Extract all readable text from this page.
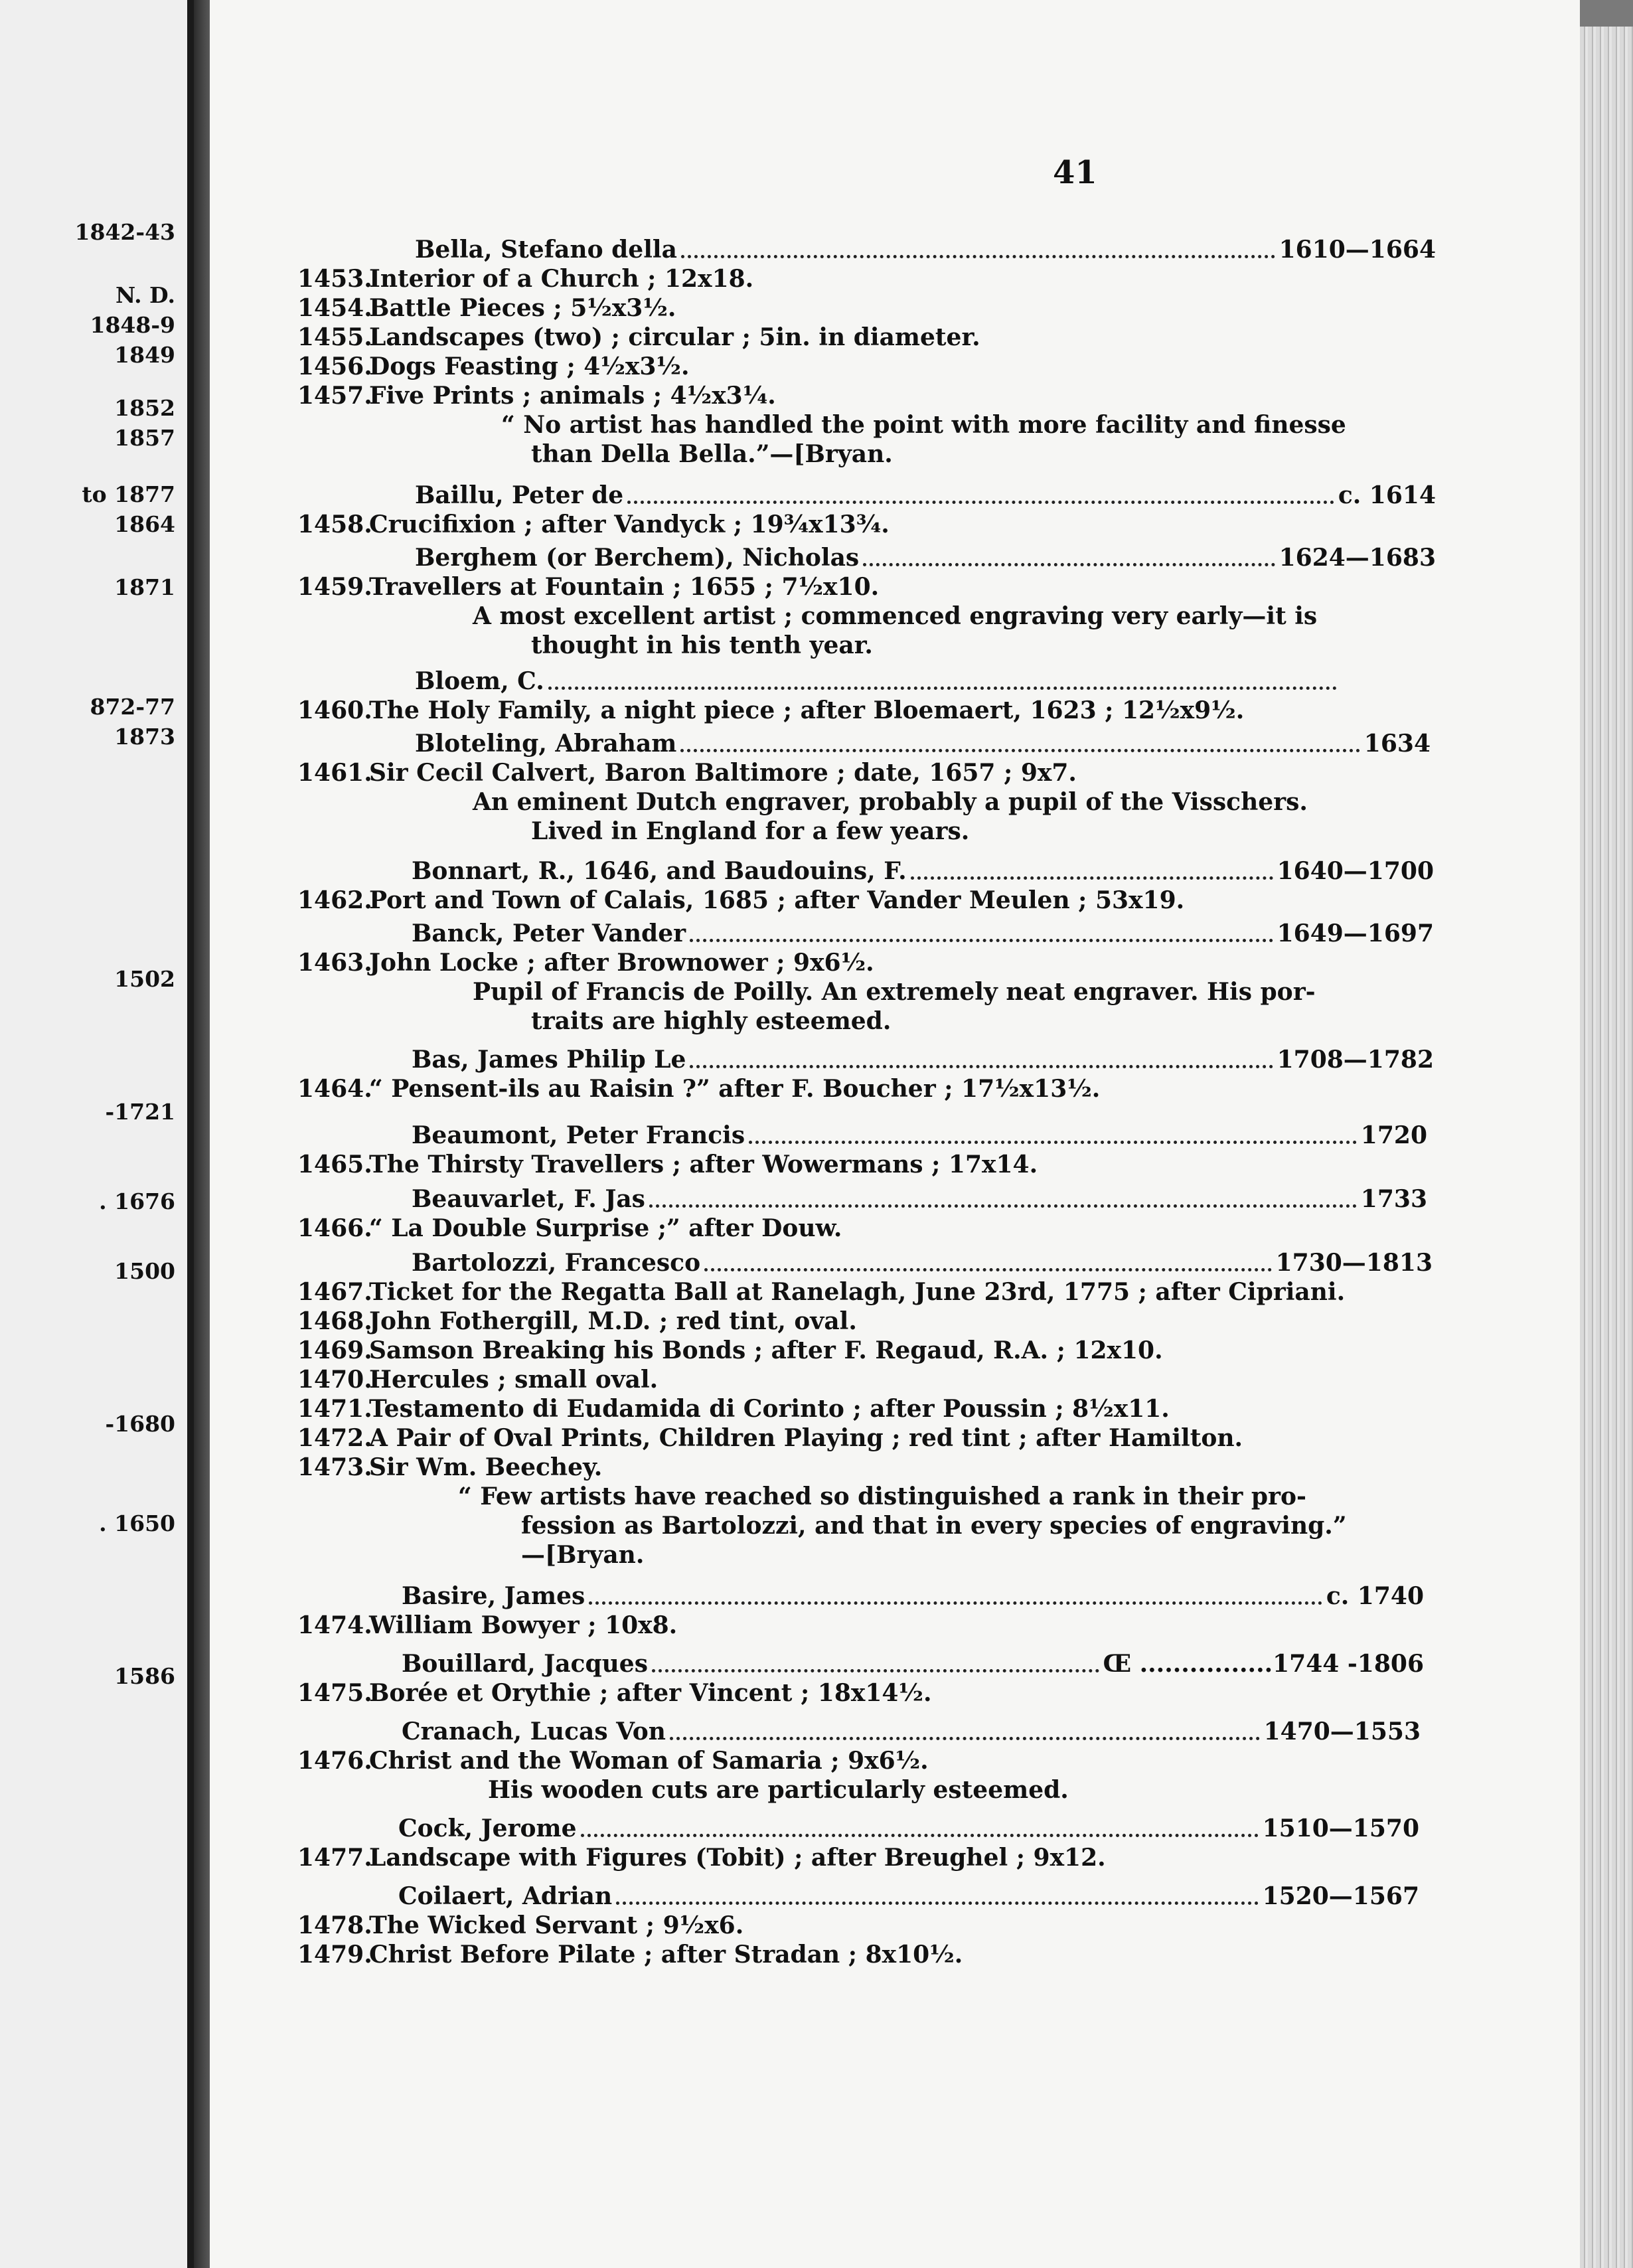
1842-43
N. D.
1848-9
1849
1852
1857
to 1877
1864
1871
872-77
1873
1502
-1721
. 1676
1500
-1680
. 1650
1586
41
Bella, Stefano della	1610—1664
1453.Interior of a Church ; 12x18.
1454.Battle Pieces ; 5½x3½.
1455.Landscapes (two) ; circular ; 5in. in diameter.
1456.Dogs Feasting ; 4½x3½.
1457.Five Prints ; animals ; 4½x3¼.
“ No artist has handled the point with more facility and finesse
than Della Bella.”—[Bryan.
Baillu, Peter de	c. 1614
1458.Crucifixion ; after Vandyck ; 19¾x13¾.
Berghem (or Berchem), Nicholas	1624—1683
1459.Travellers at Fountain ; 1655 ; 7½x10.
A most excellent artist ; commenced engraving very early—it is
thought in his tenth year.
Bloem, C.
1460.The Holy Family, a night piece ; after Bloemaert, 1623 ; 12½x9½.
Bloteling, Abraham	1634
1461.Sir Cecil Calvert, Baron Baltimore ; date, 1657 ; 9x7.
An eminent Dutch engraver, probably a pupil of the Visschers.
Lived in England for a few years.
Bonnart, R., 1646, and Baudouins, F.	1640—1700
1462.Port and Town of Calais, 1685 ; after Vander Meulen ; 53x19.
Banck, Peter Vander	1649—1697
1463.John Locke ; after Brownower ; 9x6½.
Pupil of Francis de Poilly. An extremely neat engraver. His por-
traits are highly esteemed.
Bas, James Philip Le	1708—1782
1464.“ Pensent-ils au Raisin ?” after F. Boucher ; 17½x13½.
Beaumont, Peter Francis	1720
1465.The Thirsty Travellers ; after Wowermans ; 17x14.
Beauvarlet, F. Jas	1733
1466.“ La Double Surprise ;” after Douw.
Bartolozzi, Francesco	1730—1813
1467.Ticket for the Regatta Ball at Ranelagh, June 23rd, 1775 ; after Cipriani.
1468.John Fothergill, M.D. ; red tint, oval.
1469.Samson Breaking his Bonds ; after F. Regaud, R.A. ; 12x10.
1470.Hercules ; small oval.
1471.Testamento di Eudamida di Corinto ; after Poussin ; 8½x11.
1472.A Pair of Oval Prints, Children Playing ; red tint ; after Hamilton.
1473.Sir Wm. Beechey.
“ Few artists have reached so distinguished a rank in their pro-
fession as Bartolozzi, and that in every species of engraving.”
—[Bryan.
Basire, James	c. 1740
1474.William Bowyer ; 10x8.
Bouillard, Jacques	Œ ................1744 -1806
1475.Borée et Orythie ; after Vincent ; 18x14½.
Cranach, Lucas Von	1470—1553
1476.Christ and the Woman of Samaria ; 9x6½.
His wooden cuts are particularly esteemed.
Cock, Jerome	1510—1570
1477.Landscape with Figures (Tobit) ; after Breughel ; 9x12.
Coilaert, Adrian	1520—1567
1478.The Wicked Servant ; 9½x6.
1479.Christ Before Pilate ; after Stradan ; 8x10½.
